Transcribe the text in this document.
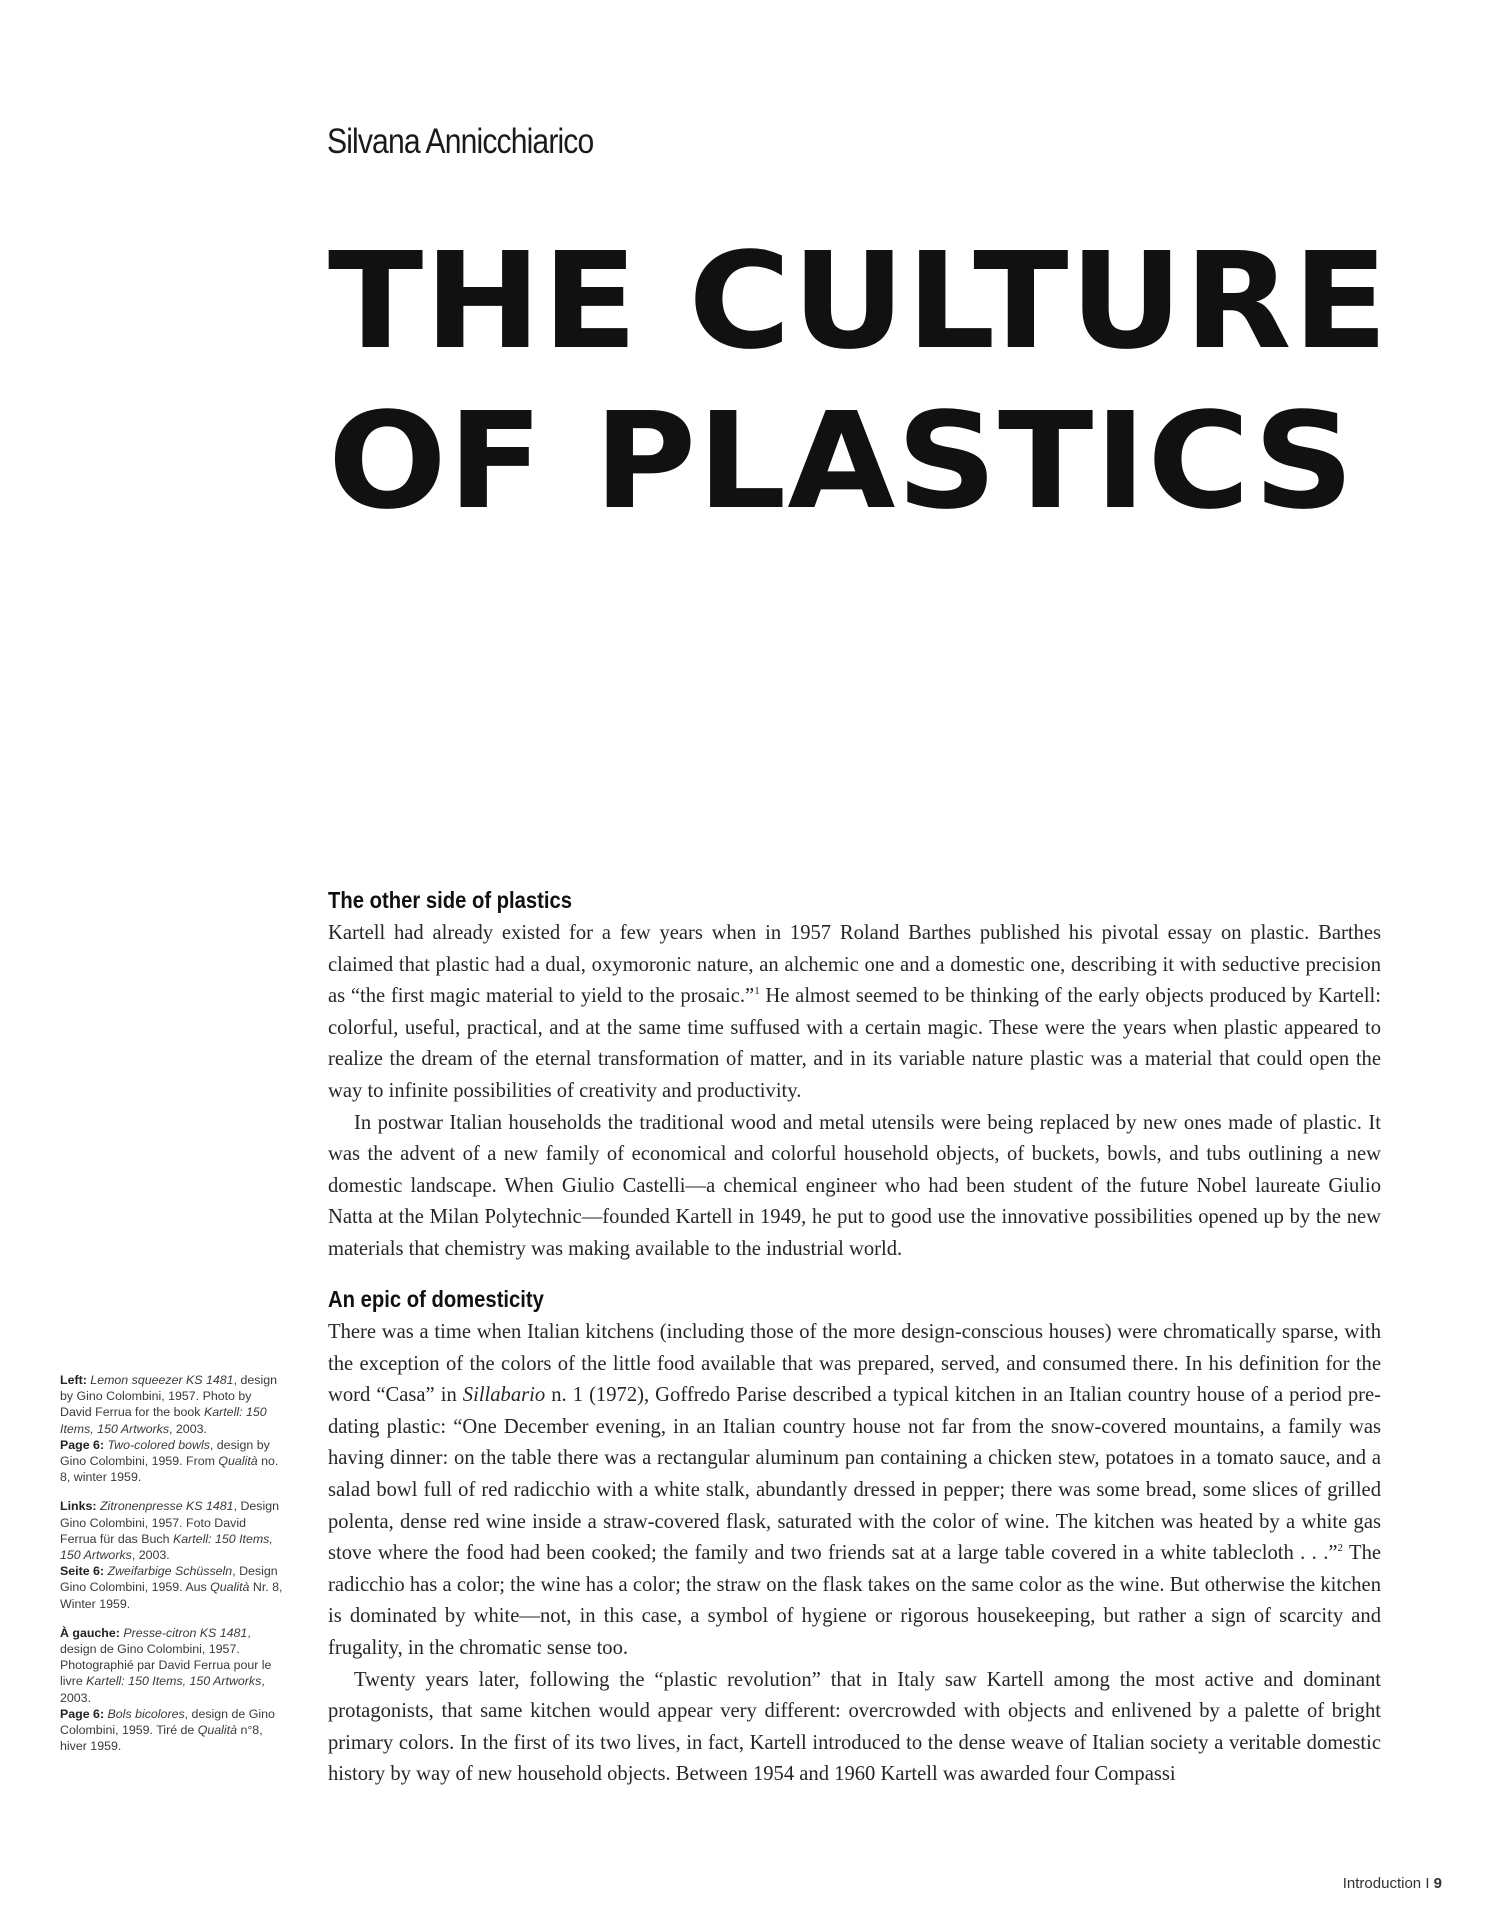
Silvana Annicchiarico
THE CULTURE
OF PLASTICS
The other side of plastics

Kartell had already existed for a few years when in 1957 Roland Barthes published his pivotal essay on plastic. Barthes claimed that plastic had a dual, oxymoronic nature, an alchemic one and a domestic one, describing it with seductive precision as “the first magic material to yield to the prosaic.”$^1$ He almost seemed to be thinking of the early objects produced by Kartell: colorful, useful, practical, and at the same time suffused with a certain magic. These were the years when plastic appeared to realize the dream of the eternal transformation of matter, and in its variable nature plastic was a material that could open the way to infinite possibilities of creativity and productivity.

In postwar Italian households the traditional wood and metal utensils were being replaced by new ones made of plastic. It was the advent of a new family of economical and colorful household objects, of buckets, bowls, and tubs outlining a new domestic landscape. When Giulio Castelli—a chemical engineer who had been student of the future Nobel laureate Giulio Natta at the Milan Polytechnic—founded Kartell in 1949, he put to good use the innovative possibilities opened up by the new materials that chemistry was making available to the industrial world.

An epic of domesticity

There was a time when Italian kitchens (including those of the more design-conscious houses) were chromatically sparse, with the exception of the colors of the little food available that was prepared, served, and consumed there. In his definition for the word “Casa” in Sillabario n. 1 (1972), Goffredo Parise described a typical kitchen in an Italian country house of a period pre-dating plastic: “One December evening, in an Italian country house not far from the snow-covered mountains, a family was having dinner: on the table there was a rectangular aluminum pan containing a chicken stew, potatoes in a tomato sauce, and a salad bowl full of red radicchio with a white stalk, abundantly dressed in pepper; there was some bread, some slices of grilled polenta, dense red wine inside a straw-covered flask, saturated with the color of wine. The kitchen was heated by a white gas stove where the food had been cooked; the family and two friends sat at a large table covered in a white tablecloth . . .”$^2$ The radicchio has a color; the wine has a color; the straw on the flask takes on the same color as the wine. But otherwise the kitchen is dominated by white—not, in this case, a symbol of hygiene or rigorous housekeeping, but rather a sign of scarcity and frugality, in the chromatic sense too.

Twenty years later, following the “plastic revolution” that in Italy saw Kartell among the most active and dominant protagonists, that same kitchen would appear very different: overcrowded with objects and enlivened by a palette of bright primary colors. In the first of its two lives, in fact, Kartell introduced to the dense weave of Italian society a veritable domestic history by way of new household objects. Between 1954 and 1960 Kartell was awarded four Compassi

Left: Lemon squeezer KS 1481, design by Gino Colombini, 1957. Photo by David Ferrua for the book Kartell: 150 Items, 150 Artworks, 2003.
Page 6: Two-colored bowls, design by Gino Colombini, 1959. From Qualità no. 8, winter 1959.
Links: Zitronenpresse KS 1481, Design Gino Colombini, 1957. Foto David Ferrua für das Buch Kartell: 150 Items, 150 Artworks, 2003.
Seite 6: Zweifarbige Schüsseln, Design Gino Colombini, 1959. Aus Qualità Nr. 8, Winter 1959.
À gauche: Presse-citron KS 1481, design de Gino Colombini, 1957. Photographié par David Ferrua pour le livre Kartell: 150 Items, 150 Artworks, 2003.
Page 6: Bols bicolores, design de Gino Colombini, 1959. Tiré de Qualità n°8, hiver 1959.
Introduction I 9
